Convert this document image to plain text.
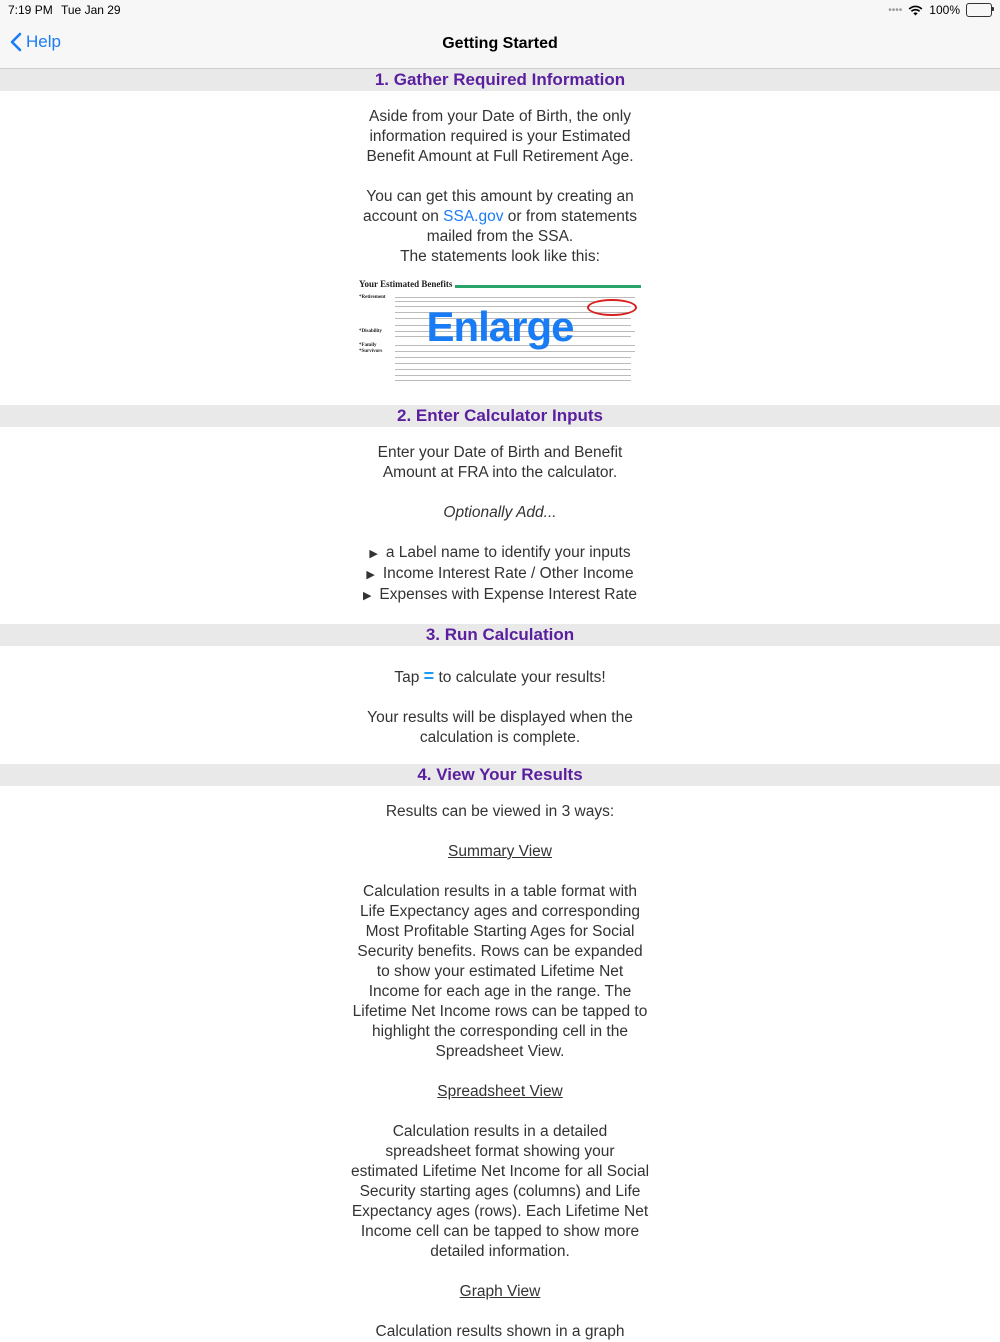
7:19 PM Tue Jan 29	•••• 100%
Help	Getting Started
1. Gather Required Information
Aside from your Date of Birth, the only information required is your Estimated Benefit Amount at Full Retirement Age.
You can get this amount by creating an account on SSA.gov or from statements mailed from the SSA.
The statements look like this:
Your Estimated Benefits
*Retirement
*Disability
*Family
*Survivors
Enlarge
2. Enter Calculator Inputs
Enter your Date of Birth and Benefit Amount at FRA into the calculator.
Optionally Add...
▶ a Label name to identify your inputs
▶ Income Interest Rate / Other Income
▶ Expenses with Expense Interest Rate
3. Run Calculation
Tap = to calculate your results!
Your results will be displayed when the calculation is complete.
4. View Your Results
Results can be viewed in 3 ways:
Summary View
Calculation results in a table format with Life Expectancy ages and corresponding Most Profitable Starting Ages for Social Security benefits. Rows can be expanded to show your estimated Lifetime Net Income for each age in the range. The Lifetime Net Income rows can be tapped to highlight the corresponding cell in the Spreadsheet View.
Spreadsheet View
Calculation results in a detailed spreadsheet format showing your estimated Lifetime Net Income for all Social Security starting ages (columns) and Life Expectancy ages (rows). Each Lifetime Net Income cell can be tapped to show more detailed information.
Graph View
Calculation results shown in a graph
